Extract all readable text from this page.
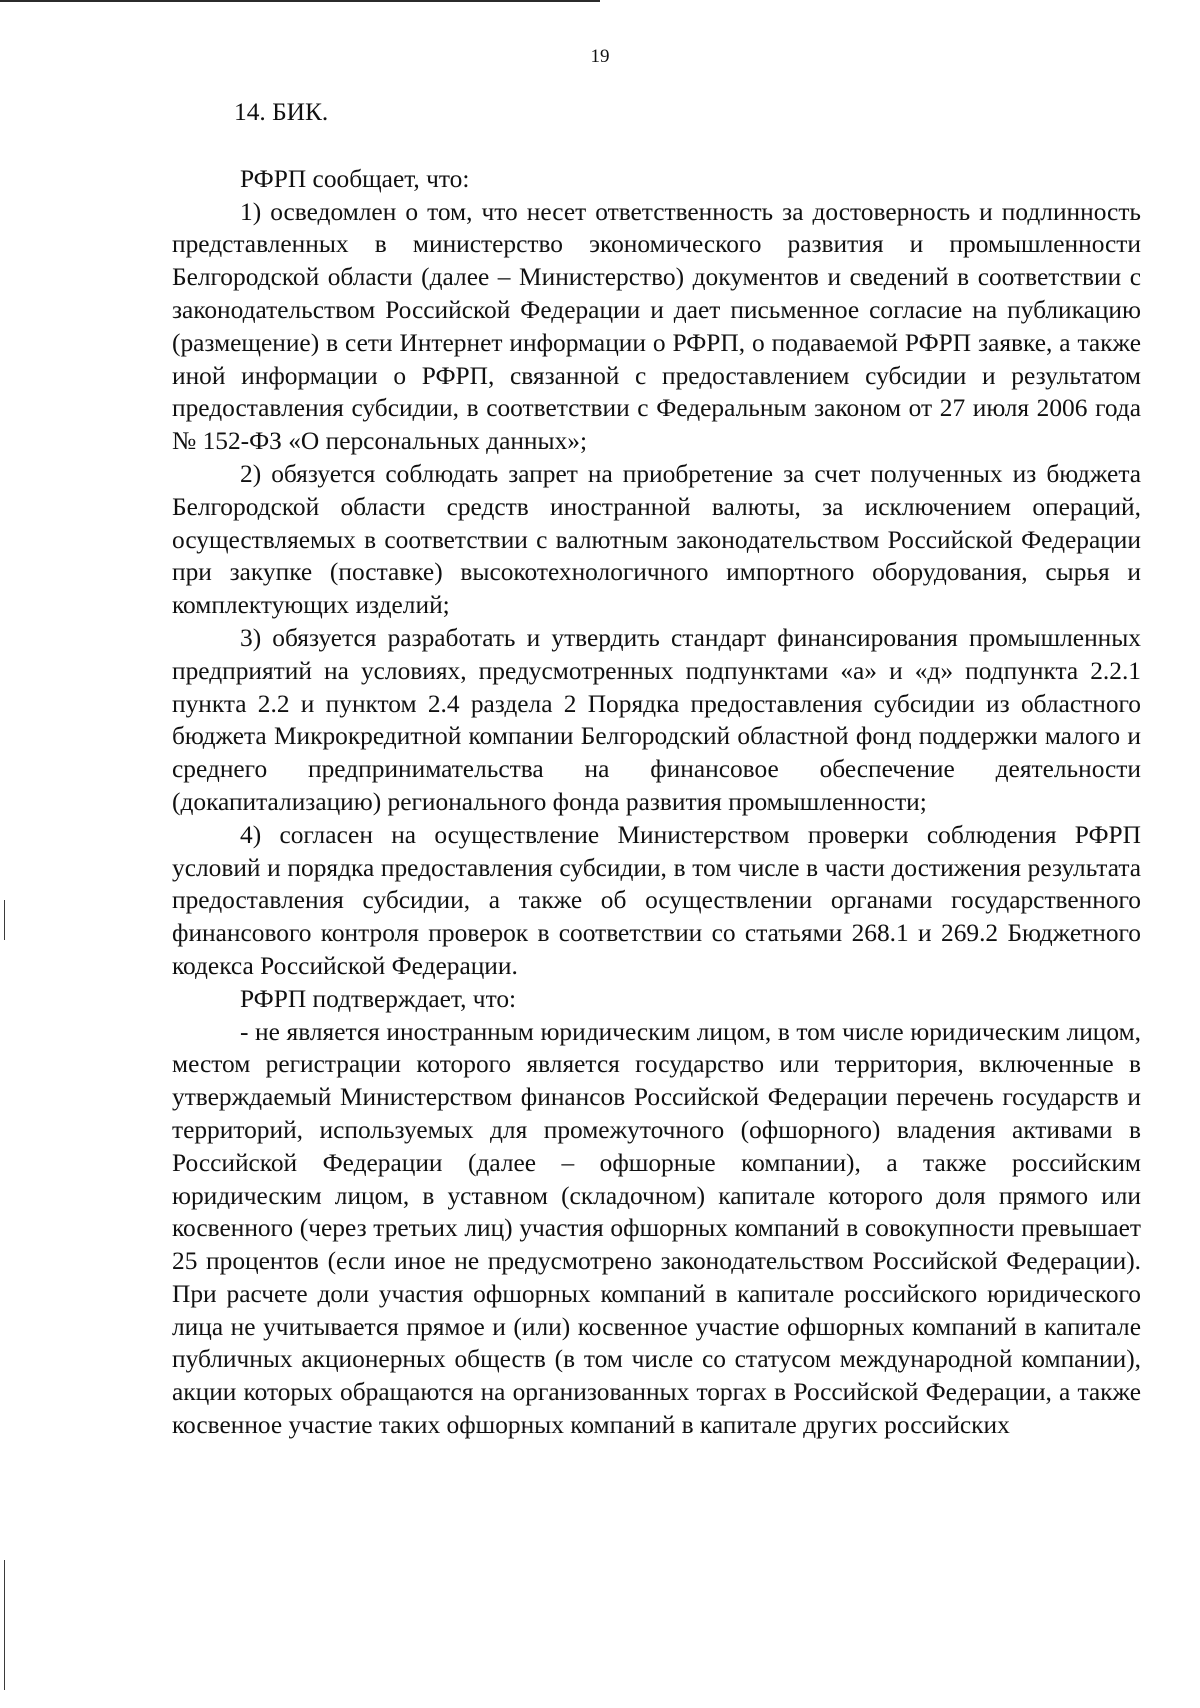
19
14. БИК.

РФРП сообщает, что:

1) осведомлен о том, что несет ответственность за достоверность и подлинность представленных в министерство экономического развития и промышленности Белгородской области (далее – Министерство) документов и сведений в соответствии с законодательством Российской Федерации и дает письменное согласие на публикацию (размещение) в сети Интернет информации о РФРП, о подаваемой РФРП заявке, а также иной информации о РФРП, связанной с предоставлением субсидии и результатом предоставления субсидии, в соответствии с Федеральным законом от 27 июля 2006 года № 152-ФЗ «О персональных данных»;

2) обязуется соблюдать запрет на приобретение за счет полученных из бюджета Белгородской области средств иностранной валюты, за исключением операций, осуществляемых в соответствии с валютным законодательством Российской Федерации при закупке (поставке) высокотехнологичного импортного оборудования, сырья и комплектующих изделий;

3) обязуется разработать и утвердить стандарт финансирования промышленных предприятий на условиях, предусмотренных подпунктами «а» и «д» подпункта 2.2.1 пункта 2.2 и пунктом 2.4 раздела 2 Порядка предоставления субсидии из областного бюджета Микрокредитной компании Белгородский областной фонд поддержки малого и среднего предпринимательства на финансовое обеспечение деятельности (докапитализацию) регионального фонда развития промышленности;

4) согласен на осуществление Министерством проверки соблюдения РФРП условий и порядка предоставления субсидии, в том числе в части достижения результата предоставления субсидии, а также об осуществлении органами государственного финансового контроля проверок в соответствии со статьями 268.1 и 269.2 Бюджетного кодекса Российской Федерации.

РФРП подтверждает, что:

- не является иностранным юридическим лицом, в том числе юридическим лицом, местом регистрации которого является государство или территория, включенные в утверждаемый Министерством финансов Российской Федерации перечень государств и территорий, используемых для промежуточного (офшорного) владения активами в Российской Федерации (далее – офшорные компании), а также российским юридическим лицом, в уставном (складочном) капитале которого доля прямого или косвенного (через третьих лиц) участия офшорных компаний в совокупности превышает 25 процентов (если иное не предусмотрено законодательством Российской Федерации). При расчете доли участия офшорных компаний в капитале российского юридического лица не учитывается прямое и (или) косвенное участие офшорных компаний в капитале публичных акционерных обществ (в том числе со статусом международной компании), акции которых обращаются на организованных торгах в Российской Федерации, а также косвенное участие таких офшорных компаний в капитале других российских
